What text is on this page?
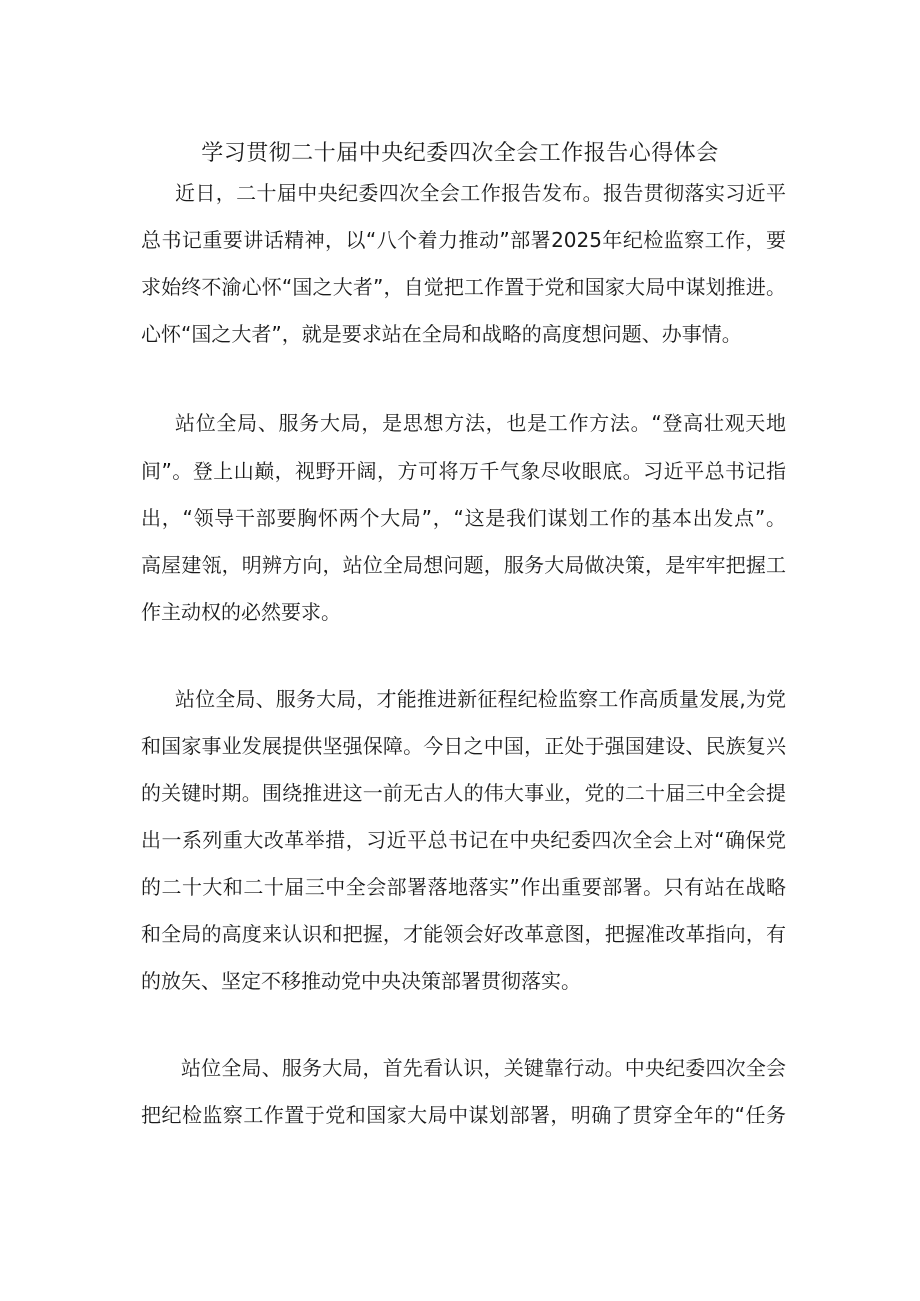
学习贯彻二十届中央纪委四次全会工作报告心得体会
近日，二十届中央纪委四次全会工作报告发布。报告贯彻落实习近平
总书记重要讲话精神，以“八个着力推动”部署2025年纪检监察工作，要
求始终不渝心怀“国之大者”，自觉把工作置于党和国家大局中谋划推进。
心怀“国之大者”，就是要求站在全局和战略的高度想问题、办事情。
站位全局、服务大局，是思想方法，也是工作方法。“登高壮观天地
间”。登上山巅，视野开阔，方可将万千气象尽收眼底。习近平总书记指
出，“领导干部要胸怀两个大局”，“这是我们谋划工作的基本出发点”。
高屋建瓴，明辨方向，站位全局想问题，服务大局做决策，是牢牢把握工
作主动权的必然要求。
站位全局、服务大局，才能推进新征程纪检监察工作高质量发展,为党
和国家事业发展提供坚强保障。今日之中国，正处于强国建设、民族复兴
的关键时期。围绕推进这一前无古人的伟大事业，党的二十届三中全会提
出一系列重大改革举措，习近平总书记在中央纪委四次全会上对“确保党
的二十大和二十届三中全会部署落地落实”作出重要部署。只有站在战略
和全局的高度来认识和把握，才能领会好改革意图，把握准改革指向，有
的放矢、坚定不移推动党中央决策部署贯彻落实。
站位全局、服务大局，首先看认识，关键靠行动。中央纪委四次全会
把纪检监察工作置于党和国家大局中谋划部署，明确了贯穿全年的“任务
